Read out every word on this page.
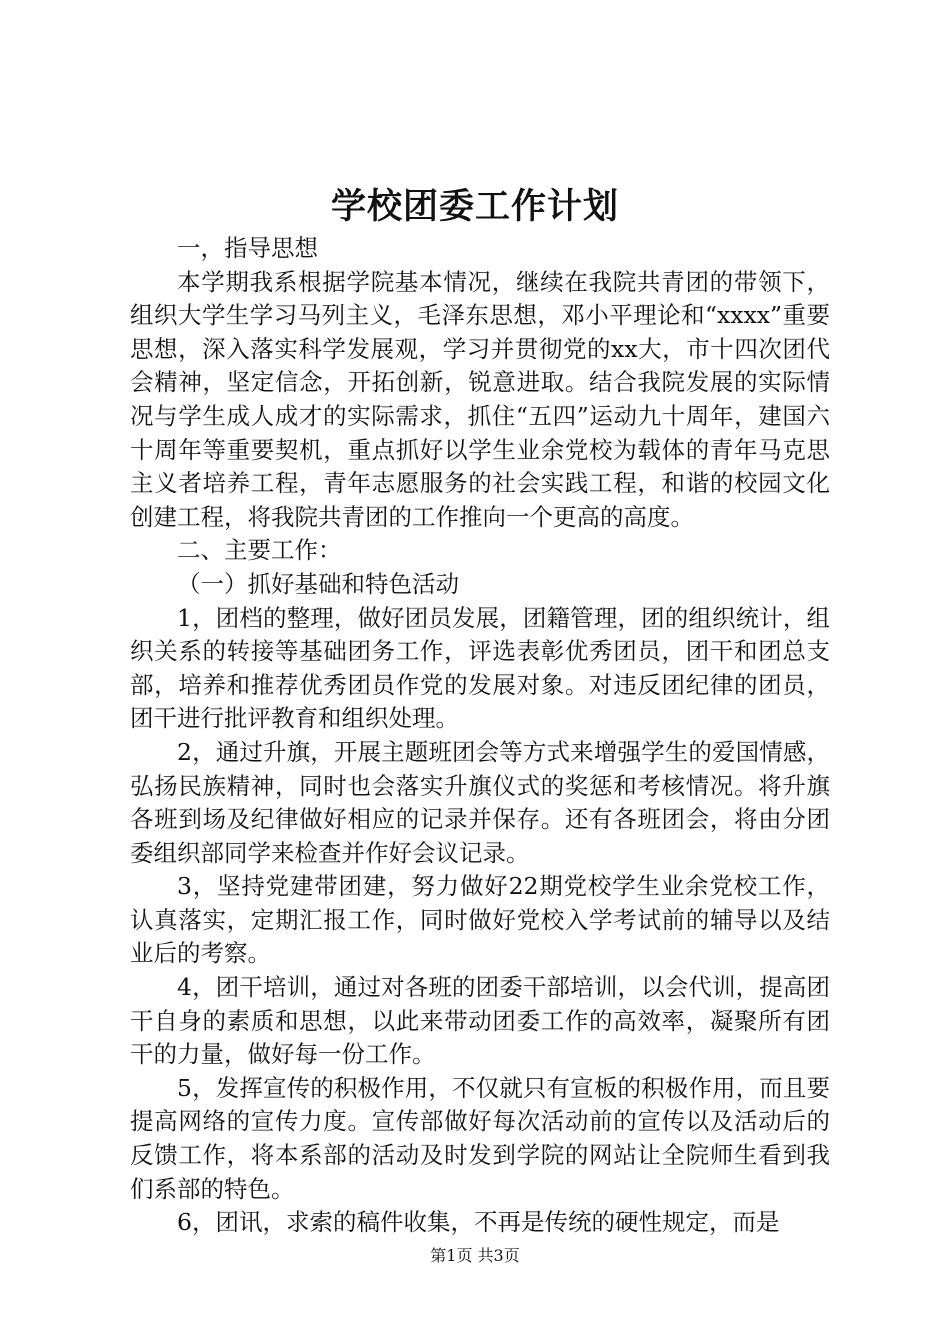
学校团委工作计划

一，指导思想

本学期我系根据学院基本情况，继续在我院共青团的带领下，组织大学生学习马列主义，毛泽东思想，邓小平理论和“xxxx”重要思想，深入落实科学发展观，学习并贯彻党的xx大，市十四次团代会精神，坚定信念，开拓创新，锐意进取。结合我院发展的实际情况与学生成人成才的实际需求，抓住“五四”运动九十周年，建国六十周年等重要契机，重点抓好以学生业余党校为载体的青年马克思主义者培养工程，青年志愿服务的社会实践工程，和谐的校园文化创建工程，将我院共青团的工作推向一个更高的高度。

二、主要工作：

（一）抓好基础和特色活动

1，团档的整理，做好团员发展，团籍管理，团的组织统计，组织关系的转接等基础团务工作，评选表彰优秀团员，团干和团总支部，培养和推荐优秀团员作党的发展对象。对违反团纪律的团员，团干进行批评教育和组织处理。

2，通过升旗，开展主题班团会等方式来增强学生的爱国情感，弘扬民族精神，同时也会落实升旗仪式的奖惩和考核情况。将升旗各班到场及纪律做好相应的记录并保存。还有各班团会，将由分团委组织部同学来检查并作好会议记录。

3，坚持党建带团建，努力做好22期党校学生业余党校工作，认真落实，定期汇报工作，同时做好党校入学考试前的辅导以及结业后的考察。

4，团干培训，通过对各班的团委干部培训，以会代训，提高团干自身的素质和思想，以此来带动团委工作的高效率，凝聚所有团干的力量，做好每一份工作。

5，发挥宣传的积极作用，不仅就只有宣板的积极作用，而且要提高网络的宣传力度。宣传部做好每次活动前的宣传以及活动后的反馈工作，将本系部的活动及时发到学院的网站让全院师生看到我们系部的特色。

6，团讯，求索的稿件收集，不再是传统的硬性规定，而是

第1页 共3页
